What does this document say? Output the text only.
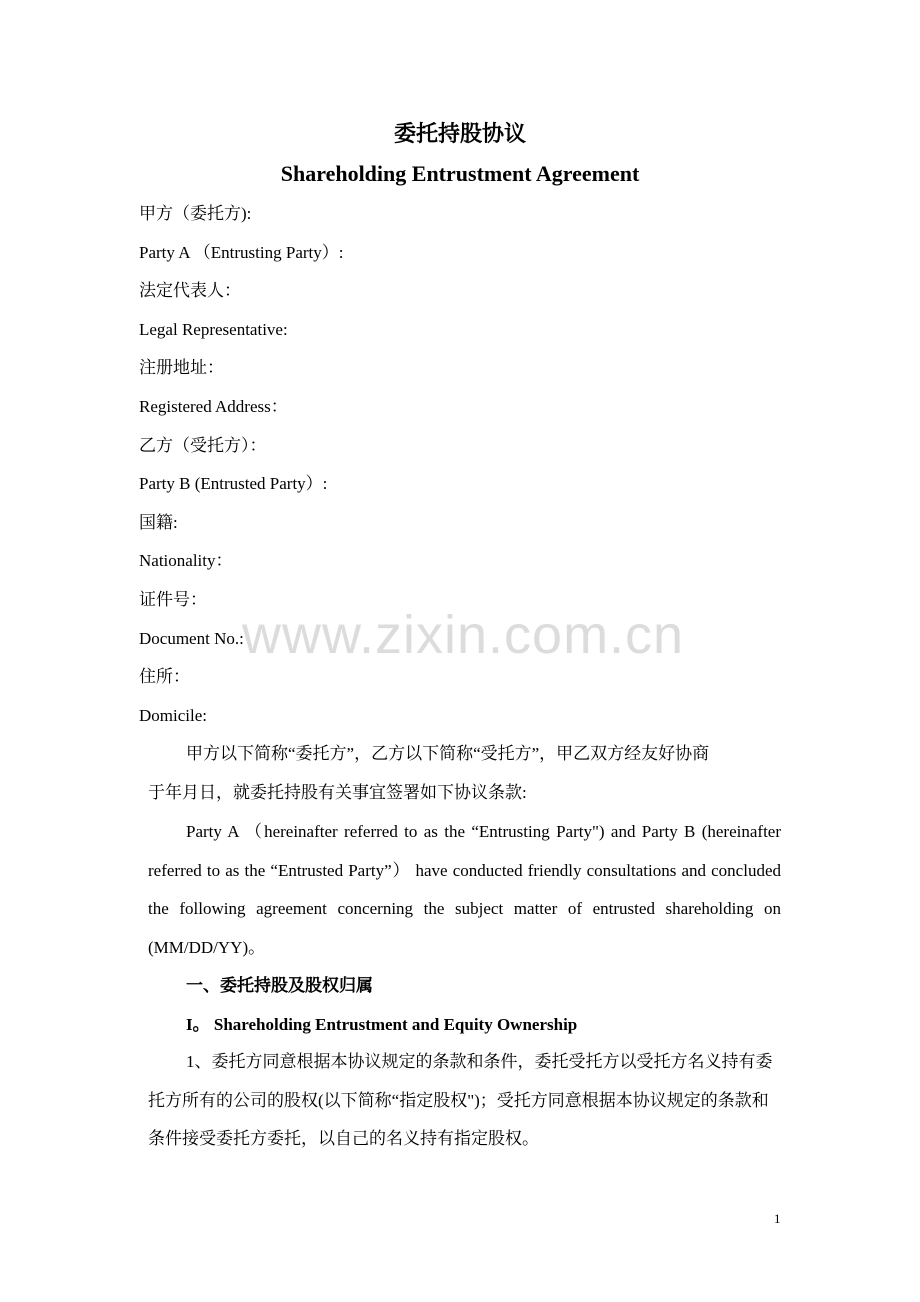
www.zixin.com.cn
委托持股协议
Shareholding Entrustment Agreement
甲方（委托方):
Party A （Entrusting Party）:
法定代表人：
Legal Representative:
注册地址：
Registered Address：
乙方（受托方）：
Party B (Entrusted Party）:
国籍:
Nationality：
证件号：
Document No.:
住所：
Domicile:

甲方以下简称“委托方”，乙方以下简称“受托方”，甲乙双方经友好协商

于年月日，就委托持股有关事宜签署如下协议条款:

Party A （hereinafter referred to as the “Entrusting Party") and Party B (hereinafter referred to as the “Entrusted Party”） have conducted friendly consultations and concluded the following agreement concerning the subject matter of entrusted shareholding on (MM/DD/YY)。

一、委托持股及股权归属
I。 Shareholding Entrustment and Equity Ownership

1、委托方同意根据本协议规定的条款和条件，委托受托方以受托方名义持有委托方所有的公司的股权(以下简称“指定股权")；受托方同意根据本协议规定的条款和条件接受委托方委托，以自己的名义持有指定股权。

1
